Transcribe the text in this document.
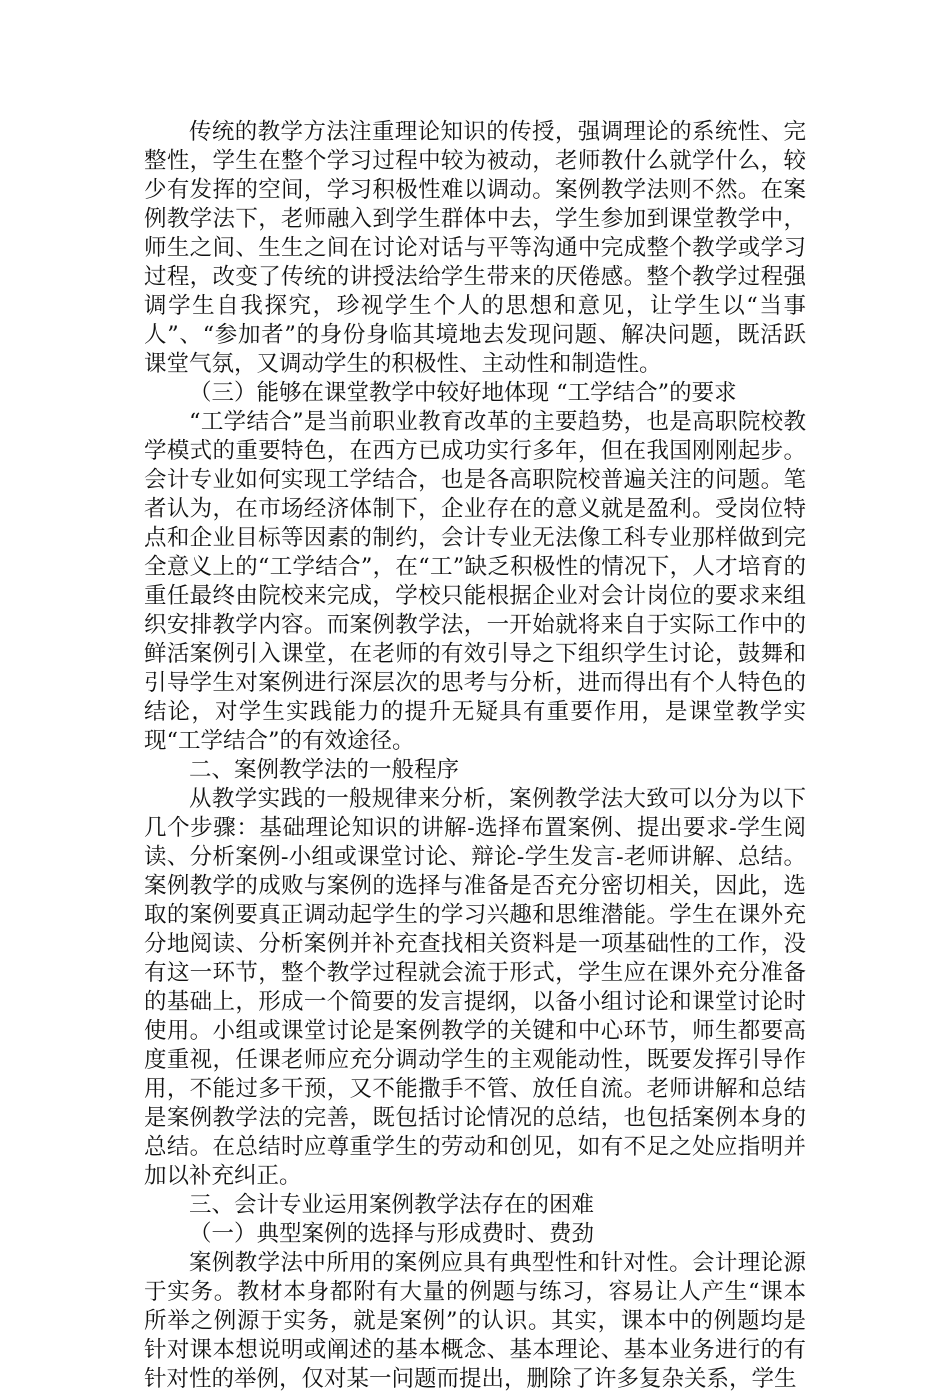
传统的教学方法注重理论知识的传授，强调理论的系统性、完整性，学生在整个学习过程中较为被动，老师教什么就学什么，较少有发挥的空间，学习积极性难以调动。案例教学法则不然。在案例教学法下，老师融入到学生群体中去，学生参加到课堂教学中，师生之间、生生之间在讨论对话与平等沟通中完成整个教学或学习过程，改变了传统的讲授法给学生带来的厌倦感。整个教学过程强调学生自我探究，珍视学生个人的思想和意见，让学生以“当事人”、“参加者”的身份身临其境地去发现问题、解决问题，既活跃课堂气氛，又调动学生的积极性、主动性和制造性。

（三）能够在课堂教学中较好地体现 “工学结合”的要求

“工学结合”是当前职业教育改革的主要趋势，也是高职院校教学模式的重要特色，在西方已成功实行多年，但在我国刚刚起步。会计专业如何实现工学结合，也是各高职院校普遍关注的问题。笔者认为，在市场经济体制下，企业存在的意义就是盈利。受岗位特点和企业目标等因素的制约，会计专业无法像工科专业那样做到完全意义上的“工学结合”，在“工”缺乏积极性的情况下，人才培育的重任最终由院校来完成，学校只能根据企业对会计岗位的要求来组织安排教学内容。而案例教学法，一开始就将来自于实际工作中的鲜活案例引入课堂，在老师的有效引导之下组织学生讨论，鼓舞和引导学生对案例进行深层次的思考与分析，进而得出有个人特色的结论，对学生实践能力的提升无疑具有重要作用，是课堂教学实现“工学结合”的有效途径。

二、案例教学法的一般程序

从教学实践的一般规律来分析，案例教学法大致可以分为以下几个步骤：基础理论知识的讲解-选择布置案例、提出要求-学生阅读、分析案例-小组或课堂讨论、辩论-学生发言-老师讲解、总结。案例教学的成败与案例的选择与准备是否充分密切相关，因此，选取的案例要真正调动起学生的学习兴趣和思维潜能。学生在课外充分地阅读、分析案例并补充查找相关资料是一项基础性的工作，没有这一环节，整个教学过程就会流于形式，学生应在课外充分准备的基础上，形成一个简要的发言提纲，以备小组讨论和课堂讨论时使用。小组或课堂讨论是案例教学的关键和中心环节，师生都要高度重视，任课老师应充分调动学生的主观能动性，既要发挥引导作用，不能过多干预，又不能撒手不管、放任自流。老师讲解和总结是案例教学法的完善，既包括讨论情况的总结，也包括案例本身的总结。在总结时应尊重学生的劳动和创见，如有不足之处应指明并加以补充纠正。

三、会计专业运用案例教学法存在的困难

（一）典型案例的选择与形成费时、费劲

案例教学法中所用的案例应具有典型性和针对性。会计理论源于实务。教材本身都附有大量的例题与练习，容易让人产生“课本所举之例源于实务，就是案例”的认识。其实，课本中的例题均是针对课本想说明或阐述的基本概念、基本理论、基本业务进行的有针对性的举例，仅对某一问题而提出，删除了许多复杂关系，学生
